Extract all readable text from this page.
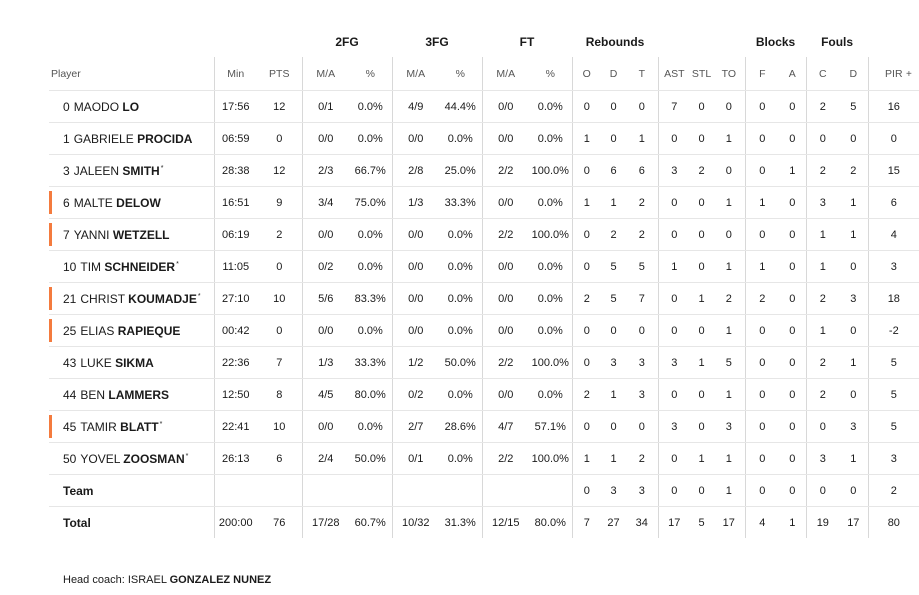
			2FG		3FG		FT		Rebounds						Blocks		Fouls		
Player	Min	PTS	M/A	%	M/A	%	M/A	%	O	D	T	AST	STL	TO	F	A	C	D	PIR
0 MAODO LO	17:56	12	0/1	0.0%	4/9	44.4%	0/0	0.0%	0	0	0	7	0	0	0	0	2	5	16
1 GABRIELE PROCIDA	06:59	0	0/0	0.0%	0/0	0.0%	0/0	0.0%	1	0	1	0	0	1	0	0	0	0	0
3 JALEEN SMITH*	28:38	12	2/3	66.7%	2/8	25.0%	2/2	100.0%	0	6	6	3	2	0	0	1	2	2	15

6 MALTE DELOW	16:51	9	3/4	75.0%	1/3	33.3%	0/0	0.0%	1	1	2	0	0	1	1	0	3	1	6

7 YANNI WETZELL	06:19	2	0/0	0.0%	0/0	0.0%	2/2	100.0%	0	2	2	0	0	0	0	0	1	1	4
10 TIM SCHNEIDER*	11:05	0	0/2	0.0%	0/0	0.0%	0/0	0.0%	0	5	5	1	0	1	1	0	1	0	3

21 CHRIST KOUMADJE*	27:10	10	5/6	83.3%	0/0	0.0%	0/0	0.0%	2	5	7	0	1	2	2	0	2	3	18

25 ELIAS RAPIEQUE	00:42	0	0/0	0.0%	0/0	0.0%	0/0	0.0%	0	0	0	0	0	1	0	0	1	0	-2
43 LUKE SIKMA	22:36	7	1/3	33.3%	1/2	50.0%	2/2	100.0%	0	3	3	3	1	5	0	0	2	1	5
44 BEN LAMMERS	12:50	8	4/5	80.0%	0/2	0.0%	0/0	0.0%	2	1	3	0	0	1	0	0	2	0	5

45 TAMIR BLATT*	22:41	10	0/0	0.0%	2/7	28.6%	4/7	57.1%	0	0	0	3	0	3	0	0	0	3	5
50 YOVEL ZOOSMAN*	26:13	6	2/4	50.0%	0/1	0.0%	2/2	100.0%	1	1	2	0	1	1	0	0	3	1	3
Team									0	3	3	0	0	1	0	0	0	0	2
Total	200:00	76	17/28	60.7%	10/32	31.3%	12/15	80.0%	7	27	34	17	5	17	4	1	19	17	80
+
Head coach: ISRAEL GONZALEZ NUNEZ
